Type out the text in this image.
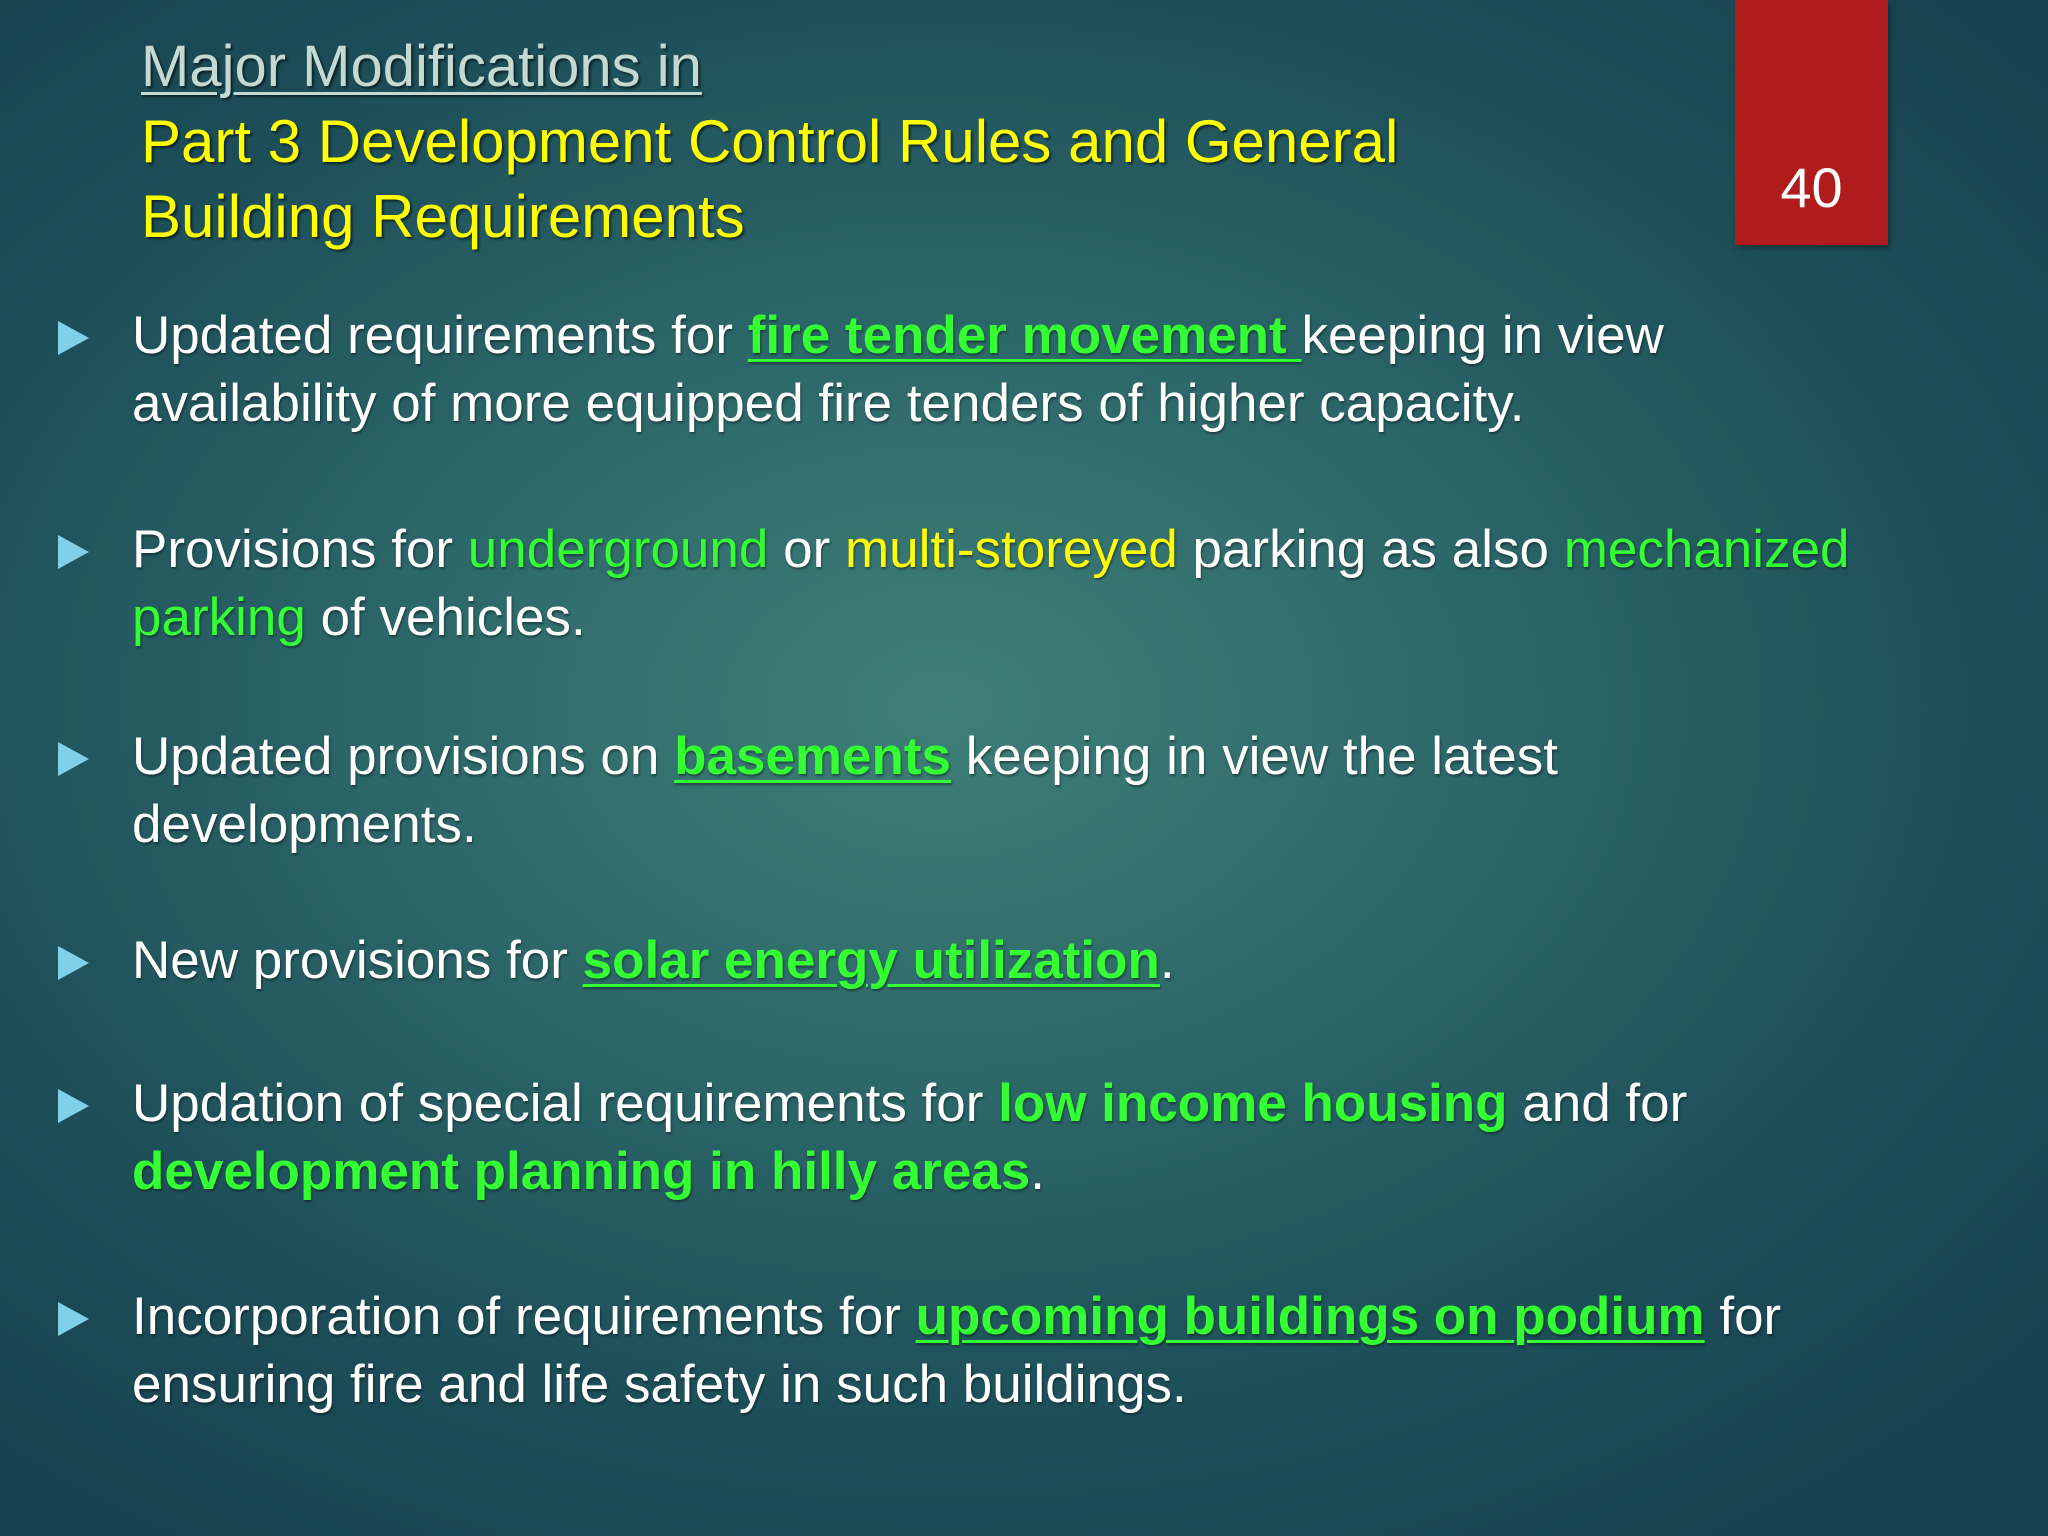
Major Modifications in
Part 3 Development Control Rules and General
Building Requirements	40
Updated requirements for fire tender movement keeping in view
availability of more equipped fire tenders of higher capacity.
Provisions for underground or multi-storeyed parking as also mechanized
parking of vehicles.
Updated provisions on basements keeping in view the latest
developments.
New provisions for solar energy utilization.
Updation of special requirements for low income housing and for
development planning in hilly areas.
Incorporation of requirements for upcoming buildings on podium for
ensuring fire and life safety in such buildings.
